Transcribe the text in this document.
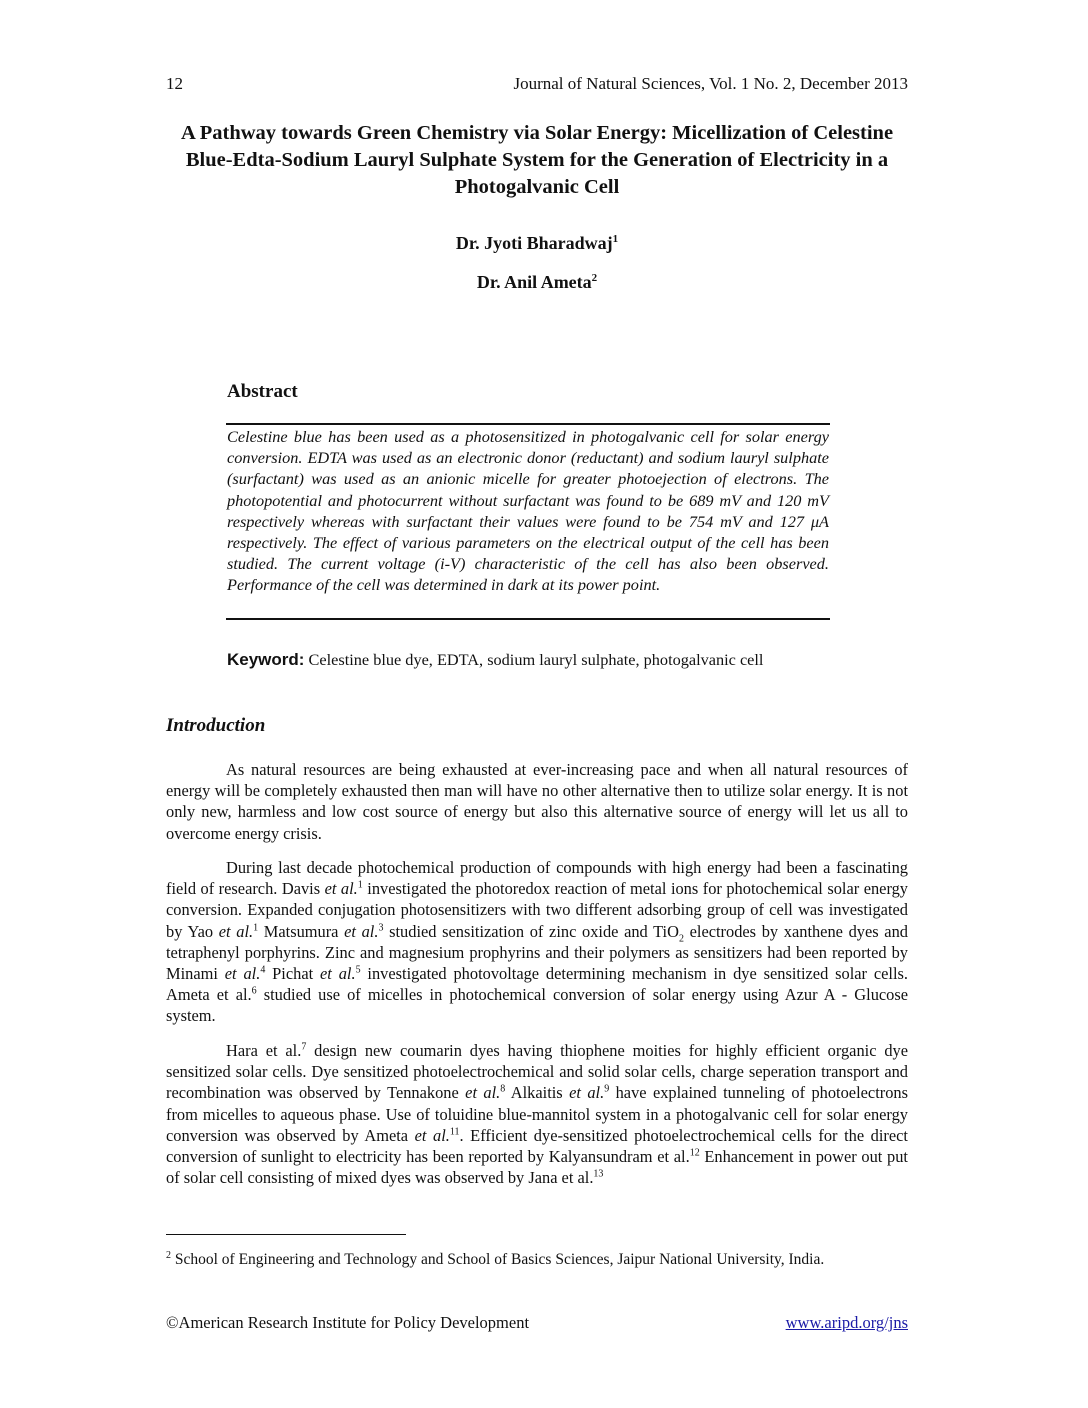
12	Journal of Natural Sciences, Vol. 1 No. 2, December 2013
A Pathway towards Green Chemistry via Solar Energy: Micellization of Celestine Blue-Edta-Sodium Lauryl Sulphate System for the Generation of Electricity in a Photogalvanic Cell
Dr. Jyoti Bharadwaj$^1$
Dr. Anil Ameta$^2$
Abstract
Celestine blue has been used as a photosensitized in photogalvanic cell for solar energy conversion. EDTA was used as an electronic donor (reductant) and sodium lauryl sulphate (surfactant) was used as an anionic micelle for greater photoejection of electrons. The photopotential and photocurrent without surfactant was found to be 689 mV and 120 mV respectively whereas with surfactant their values were found to be 754 mV and 127 μA respectively. The effect of various parameters on the electrical output of the cell has been studied. The current voltage (i-V) characteristic of the cell has also been observed. Performance of the cell was determined in dark at its power point.
Keyword: Celestine blue dye, EDTA, sodium lauryl sulphate, photogalvanic cell
Introduction
As natural resources are being exhausted at ever-increasing pace and when all natural resources of energy will be completely exhausted then man will have no other alternative then to utilize solar energy. It is not only new, harmless and low cost source of energy but also this alternative source of energy will let us all to overcome energy crisis.
During last decade photochemical production of compounds with high energy had been a fascinating field of research. Davis et al.$^1$ investigated the photoredox reaction of metal ions for photochemical solar energy conversion. Expanded conjugation photosensitizers with two different adsorbing group of cell was investigated by Yao et al.$^1$ Matsumura et al.$^3$ studied sensitization of zinc oxide and TiO$_2$ electrodes by xanthene dyes and tetraphenyl porphyrins. Zinc and magnesium prophyrins and their polymers as sensitizers had been reported by Minami et al.$^4$ Pichat et al.$^5$ investigated photovoltage determining mechanism in dye sensitized solar cells. Ameta et al.$^6$ studied use of micelles in photochemical conversion of solar energy using Azur A - Glucose system.
Hara et al.$^7$ design new coumarin dyes having thiophene moities for highly efficient organic dye sensitized solar cells. Dye sensitized photoelectrochemical and solid solar cells, charge seperation transport and recombination was observed by Tennakone et al.$^8$ Alkaitis et al.$^9$ have explained tunneling of photoelectrons from micelles to aqueous phase. Use of toluidine blue-mannitol system in a photogalvanic cell for solar energy conversion was observed by Ameta et al.$^{11}$. Efficient dye-sensitized photoelectrochemical cells for the direct conversion of sunlight to electricity has been reported by Kalyansundram et al.$^{12}$ Enhancement in power out put of solar cell consisting of mixed dyes was observed by Jana et al.$^{13}$
$^2$ School of Engineering and Technology and School of Basics Sciences, Jaipur National University, India.
©American Research Institute for Policy Development	www.aripd.org/jns
